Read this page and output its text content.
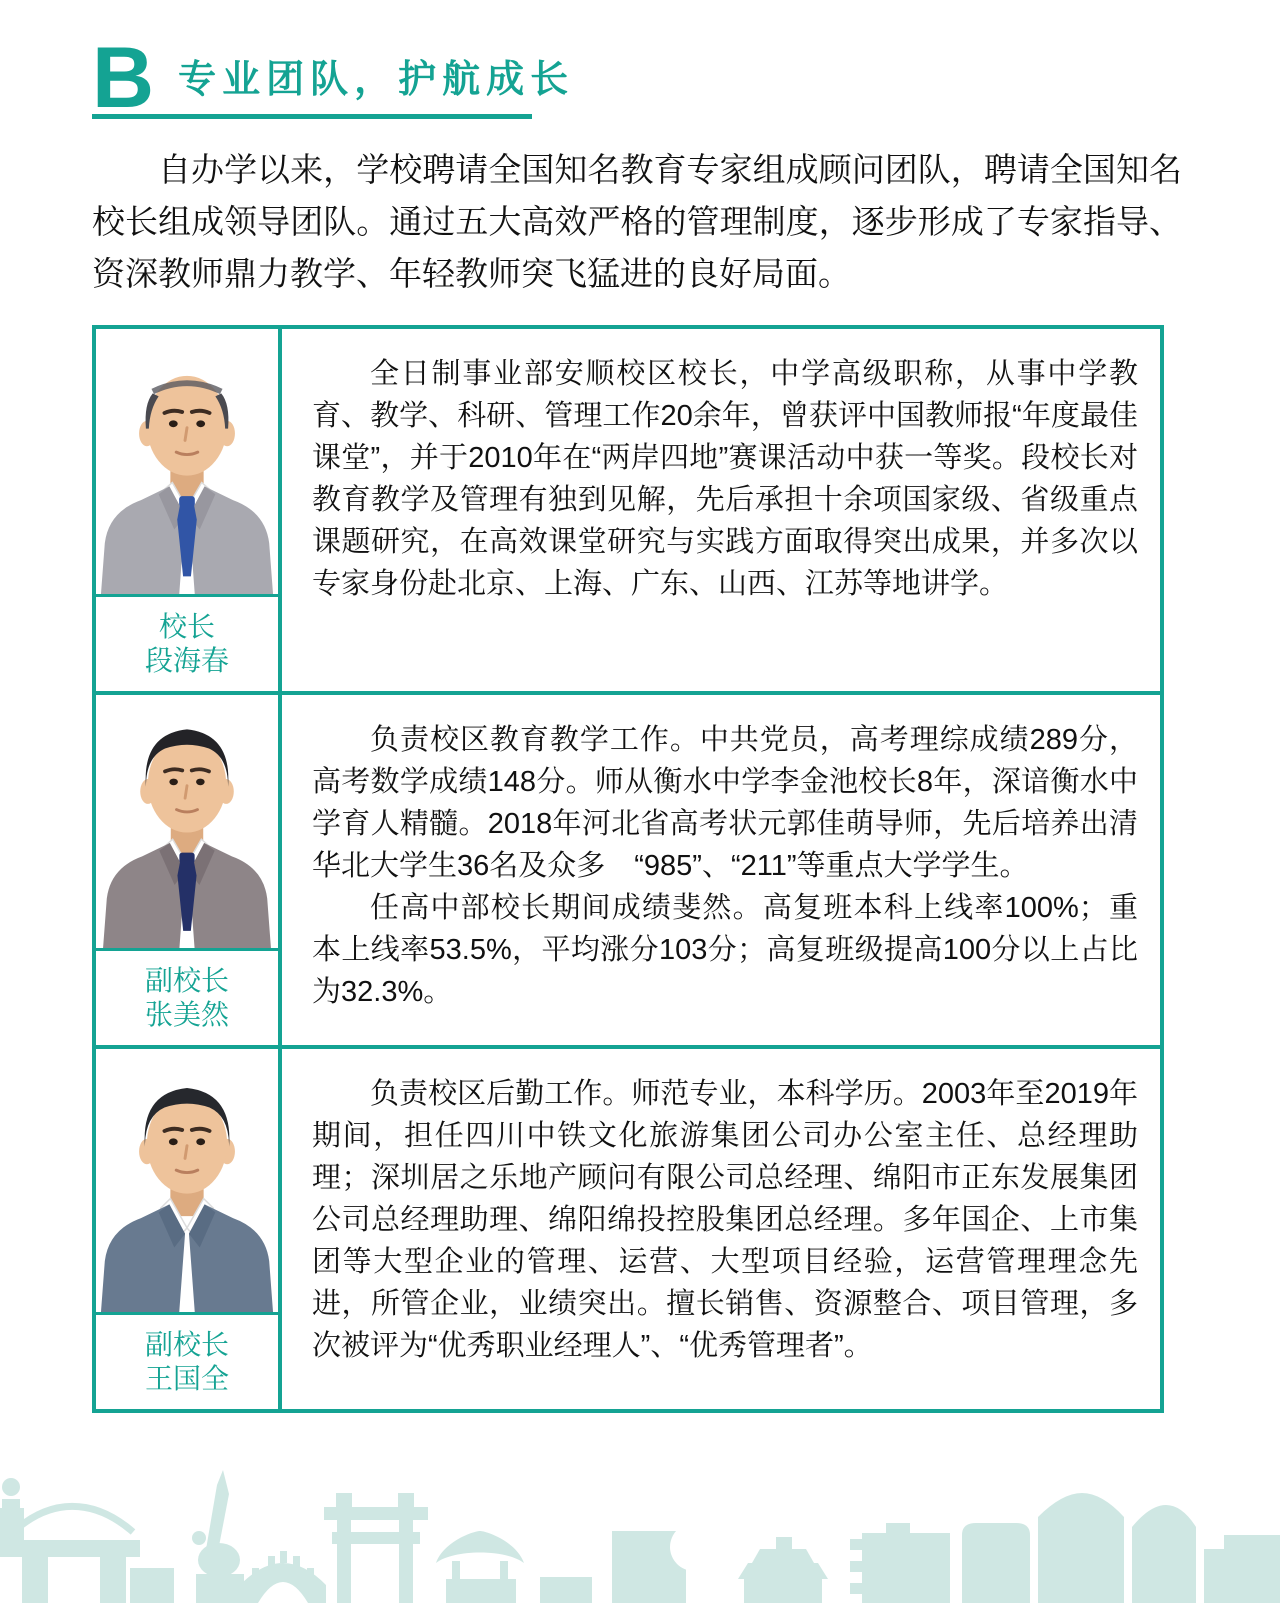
B 专业团队，护航成长

自办学以来，学校聘请全国知名教育专家组成顾问团队，聘请全国知名校长组成领导团队。通过五大高效严格的管理制度，逐步形成了专家指导、资深教师鼎力教学、年轻教师突飞猛进的良好局面。

校长
段海春

全日制事业部安顺校区校长，中学高级职称，从事中学教育、教学、科研、管理工作20余年，曾获评中国教师报“年度最佳课堂”，并于2010年在“两岸四地”赛课活动中获一等奖。段校长对教育教学及管理有独到见解，先后承担十余项国家级、省级重点课题研究，在高效课堂研究与实践方面取得突出成果，并多次以专家身份赴北京、上海、广东、山西、江苏等地讲学。

副校长
张美然

负责校区教育教学工作。中共党员，高考理综成绩289分，高考数学成绩148分。师从衡水中学李金池校长8年，深谙衡水中学育人精髓。2018年河北省高考状元郭佳萌导师，先后培养出清华北大学生36名及众多　“985”、“211”等重点大学学生。

任高中部校长期间成绩斐然。高复班本科上线率100%；重本上线率53.5%，平均涨分103分；高复班级提高100分以上占比为32.3%。

副校长
王国全

负责校区后勤工作。师范专业，本科学历。2003年至2019年期间，担任四川中铁文化旅游集团公司办公室主任、总经理助理；深圳居之乐地产顾问有限公司总经理、绵阳市正东发展集团公司总经理助理、绵阳绵投控股集团总经理。多年国企、上市集团等大型企业的管理、运营、大型项目经验，运营管理理念先进，所管企业，业绩突出。擅长销售、资源整合、项目管理，多次被评为“优秀职业经理人”、“优秀管理者”。
